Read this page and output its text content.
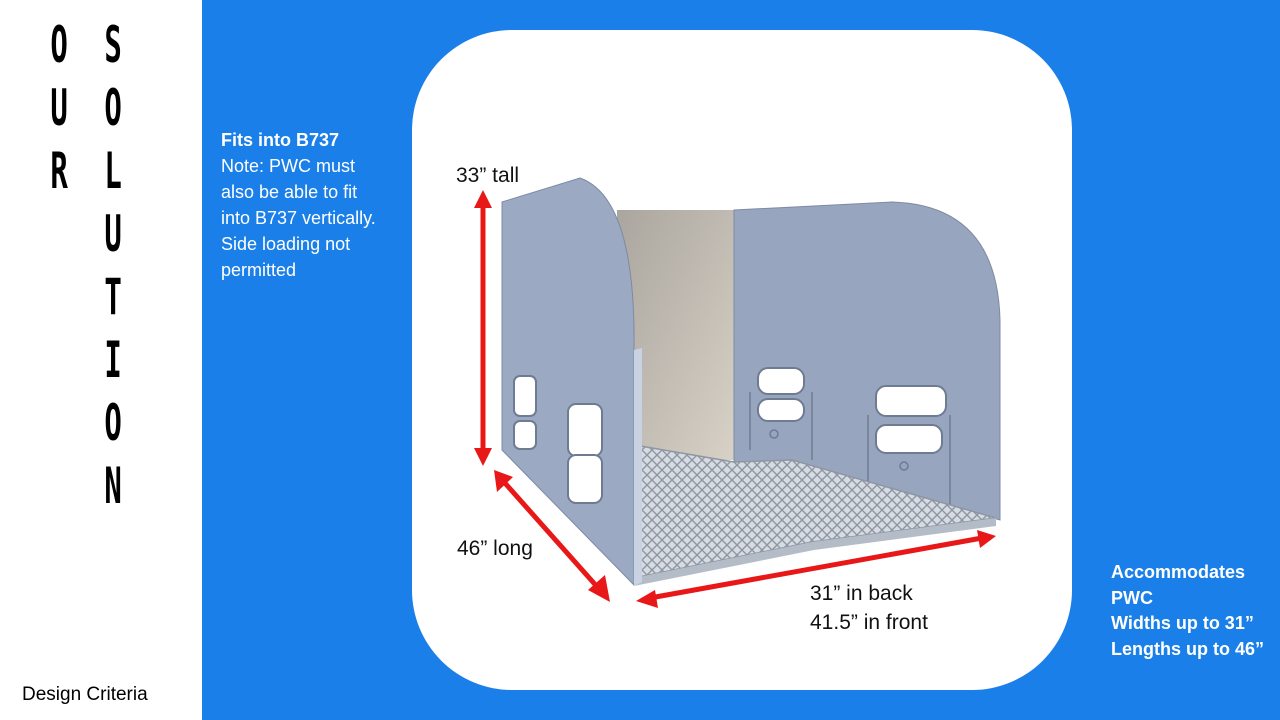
O
U
R
S
O
L
U
T
I
O
N
Design Criteria
Fits into B737
Note: PWC must
also be able to fit
into B737 vertically.
Side loading not
permitted
33” tall
46” long
31” in back
41.5” in front
Accommodates
PWC
Widths up to 31”
Lengths up to 46”
